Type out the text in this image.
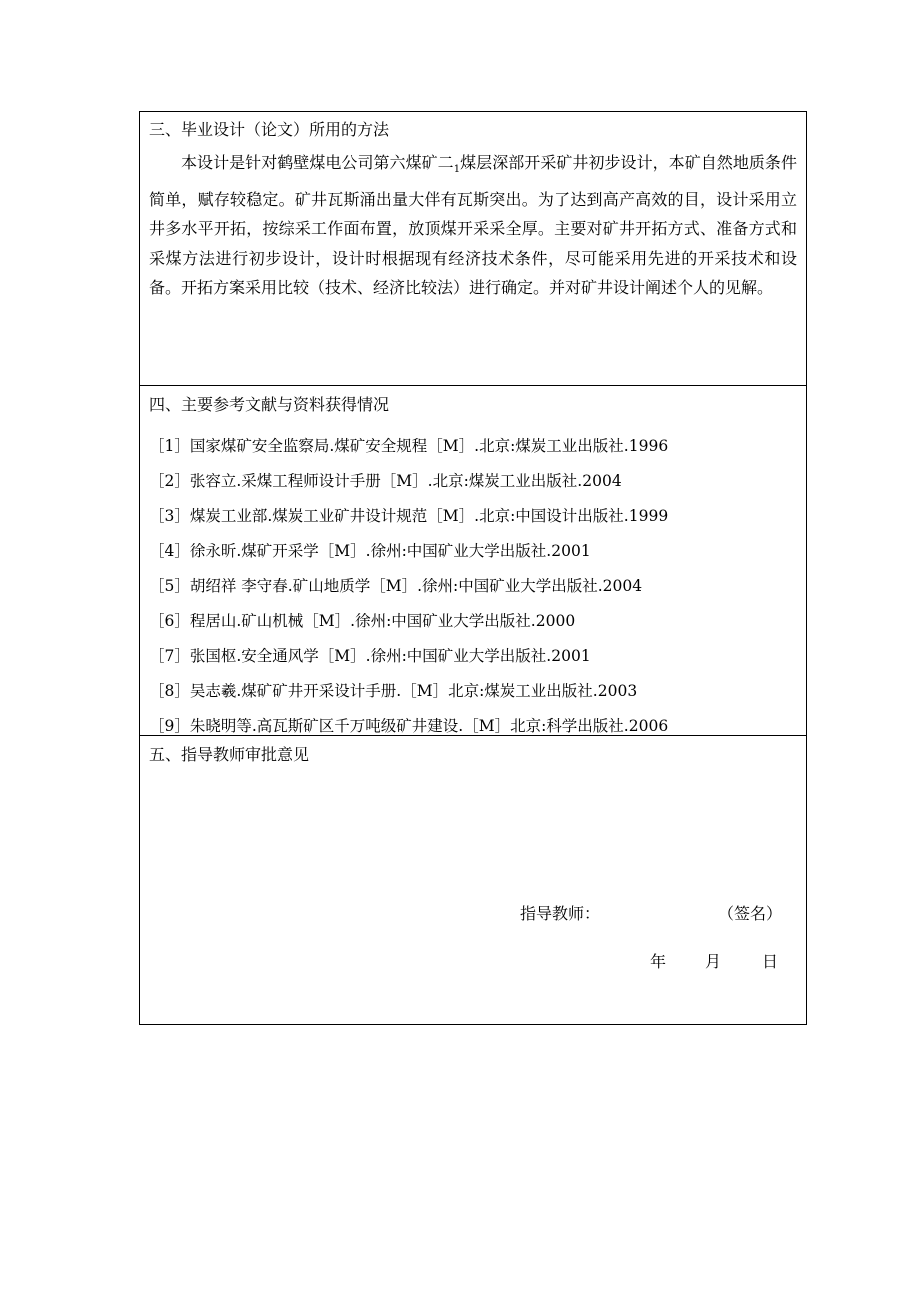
三、毕业设计（论文）所用的方法

本设计是针对鹤壁煤电公司第六煤矿二$_1$煤层深部开采矿井初步设计，本矿自然地质条件简单，赋存较稳定。矿井瓦斯涌出量大伴有瓦斯突出。为了达到高产高效的目，设计采用立井多水平开拓，按综采工作面布置，放顶煤开采采全厚。主要对矿井开拓方式、准备方式和采煤方法进行初步设计，设计时根据现有经济技术条件，尽可能采用先进的开采技术和设备。开拓方案采用比较（技术、经济比较法）进行确定。并对矿井设计阐述个人的见解。

四、主要参考文献与资料获得情况
［1］国家煤矿安全监察局.煤矿安全规程［M］.北京:煤炭工业出版社.1996
［2］张容立.采煤工程师设计手册［M］.北京:煤炭工业出版社.2004
［3］煤炭工业部.煤炭工业矿井设计规范［M］.北京:中国设计出版社.1999
［4］徐永昕.煤矿开采学［M］.徐州:中国矿业大学出版社.2001
［5］胡绍祥 李守春.矿山地质学［M］.徐州:中国矿业大学出版社.2004
［6］程居山.矿山机械［M］.徐州:中国矿业大学出版社.2000
［7］张国枢.安全通风学［M］.徐州:中国矿业大学出版社.2001
［8］吴志羲.煤矿矿井开采设计手册.［M］北京:煤炭工业出版社.2003
［9］朱晓明等.高瓦斯矿区千万吨级矿井建设.［M］北京:科学出版社.2006
五、指导教师审批意见
指导教师：	（签名）
年 月	日
